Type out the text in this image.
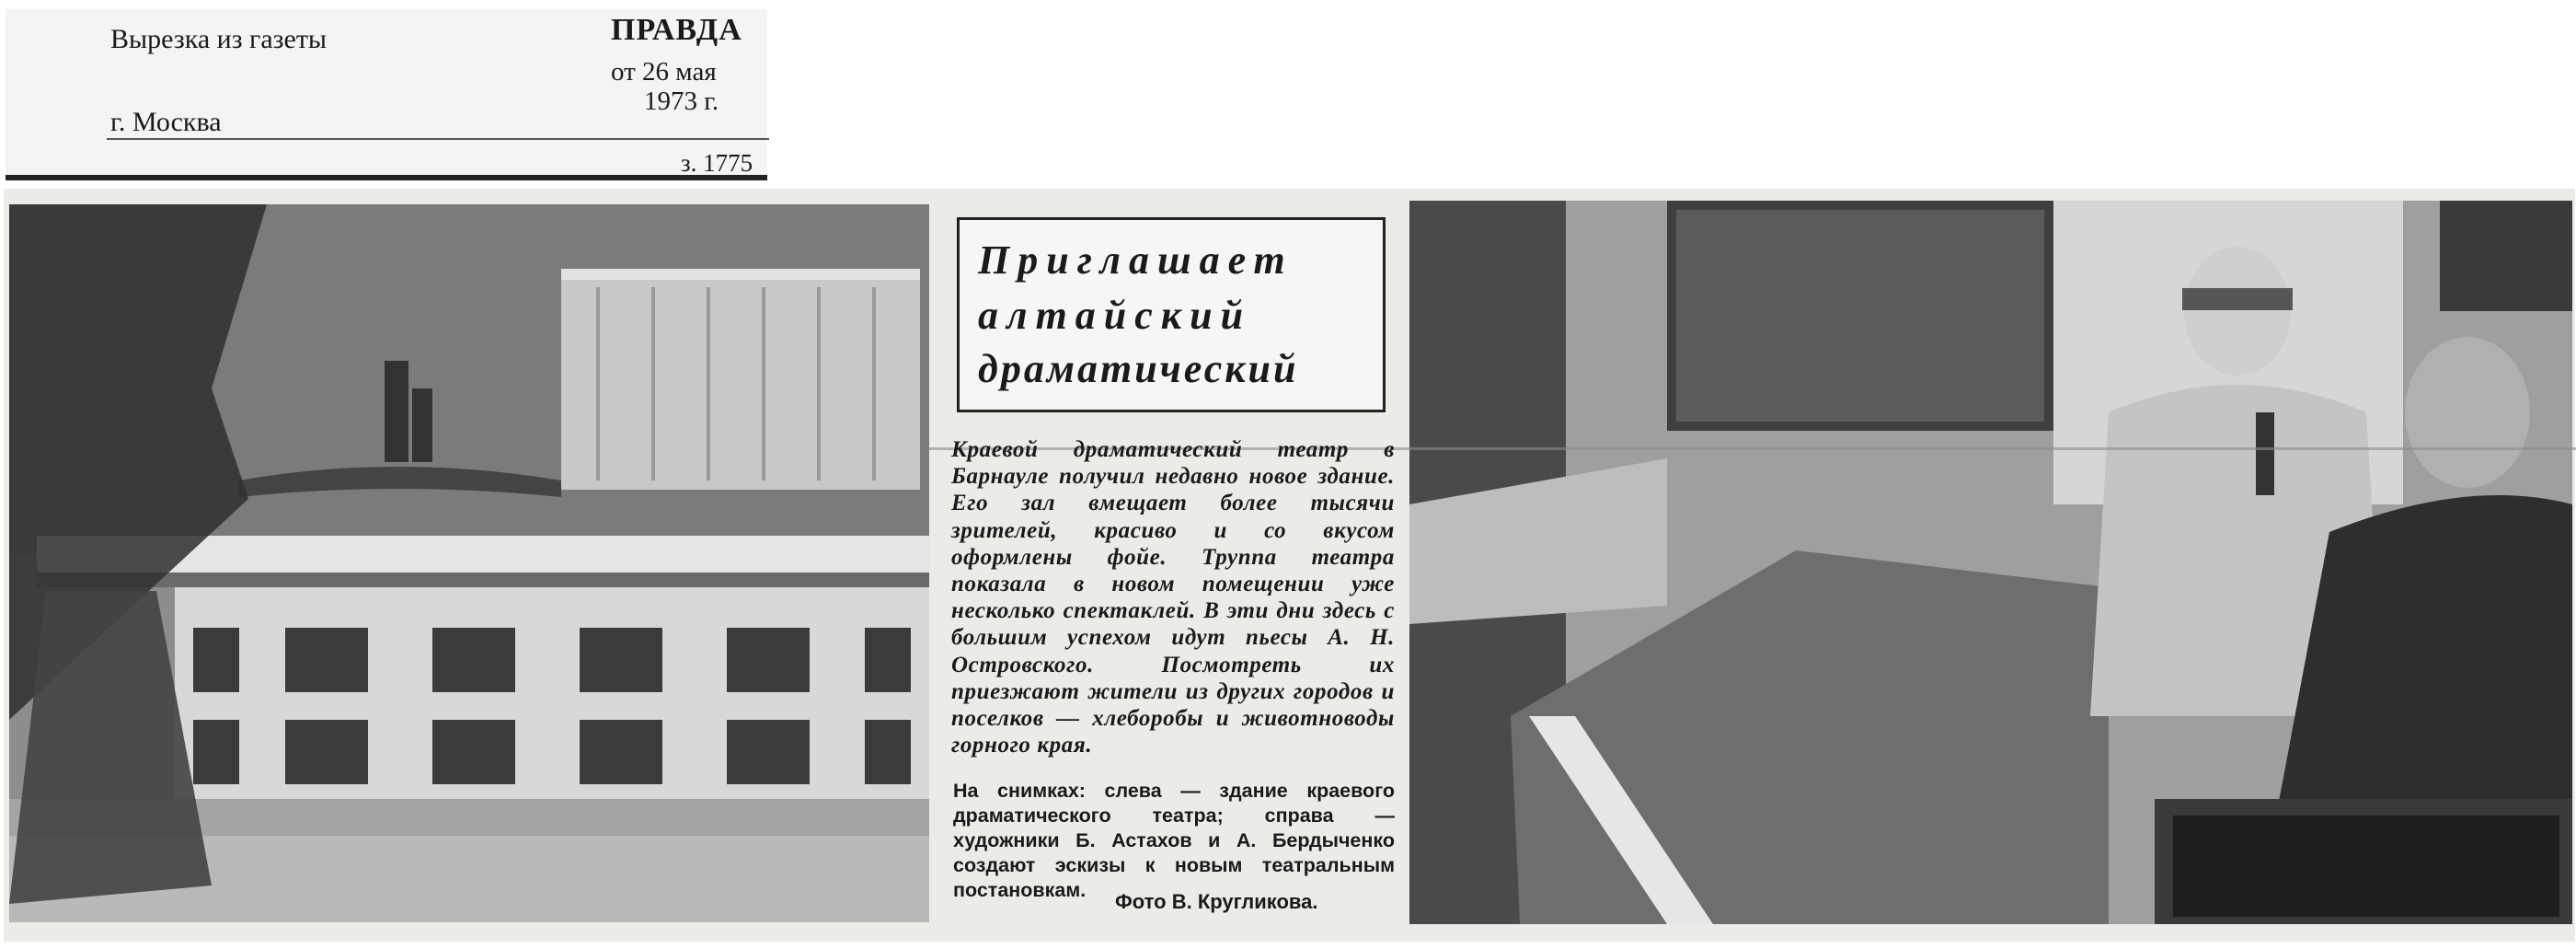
Вырезка из газеты
г. Москва
ПРАВДА
от 26 мая
1973 г.
з. 1775
Приглашает
алтайский
драматический
Краевой драматический театр в Барнауле получил недавно новое здание. Его зал вмещает более тысячи зрителей, красиво и со вкусом оформлены фойе. Труппа театра показала в новом помещении уже несколько спектаклей. В эти дни здесь с большим успехом идут пьесы А. Н. Островского. Посмотреть их приезжают жители из других городов и поселков — хлеборобы и животноводы горного края.
На снимках: слева — здание краевого драматического театра; справа — художники Б. Астахов и А. Бердыченко создают эскизы к новым театральным постановкам.	Фото В. Кругликова.
